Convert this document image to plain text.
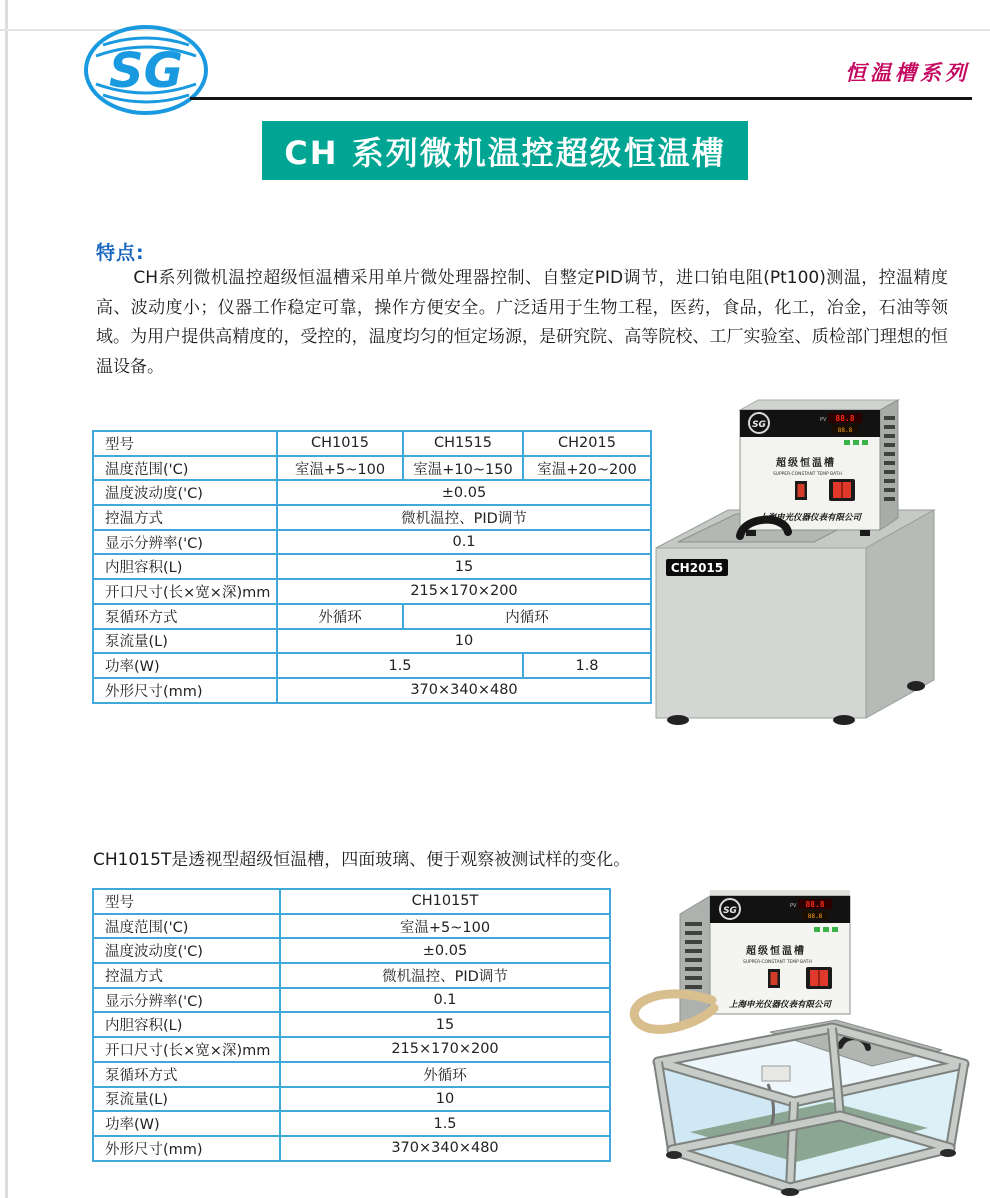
SG	恒温槽系列
CH 系列微机温控超级恒温槽
特点:
CH系列微机温控超级恒温槽采用单片微处理器控制、自整定PID调节，进口铂电阻(Pt100)测温，控温精度高、波动度小；仪器工作稳定可靠，操作方便安全。广泛适用于生物工程，医药，食品，化工，冶金，石油等领域。为用户提供高精度的，受控的，温度均匀的恒定场源，是研究院、高等院校、工厂实验室、质检部门理想的恒温设备。
型号	CH1015	CH1515	CH2015
温度范围('C)	室温+5~100	室温+10~150	室温+20~200
温度波动度('C)	±0.05		
控温方式	微机温控、PID调节		
显示分辨率('C)	0.1		
内胆容积(L)	15		
开口尺寸(长×宽×深)mm	215×170×200		
泵循环方式	外循环	内循环	
泵流量(L)	10		
功率(W)	1.5		1.8
外形尺寸(mm)	370×340×480		
CH2015
SG	PV 88.8
88.8
超级恒温槽
SUPPER-CONSTANT TEMP BATH
上海申光仪器仪表有限公司
CH1015T是透视型超级恒温槽，四面玻璃、便于观察被测试样的变化。
型号	CH1015T
温度范围('C)	室温+5~100
温度波动度('C)	±0.05
控温方式	微机温控、PID调节
显示分辨率('C)	0.1
内胆容积(L)	15
开口尺寸(长×宽×深)mm	215×170×200
泵循环方式	外循环
泵流量(L)	10
功率(W)	1.5
外形尺寸(mm)	370×340×480
SG	PV 88.8
88.8
超级恒温槽
SUPPER-CONSTANT TEMP BATH
上海申光仪器仪表有限公司
